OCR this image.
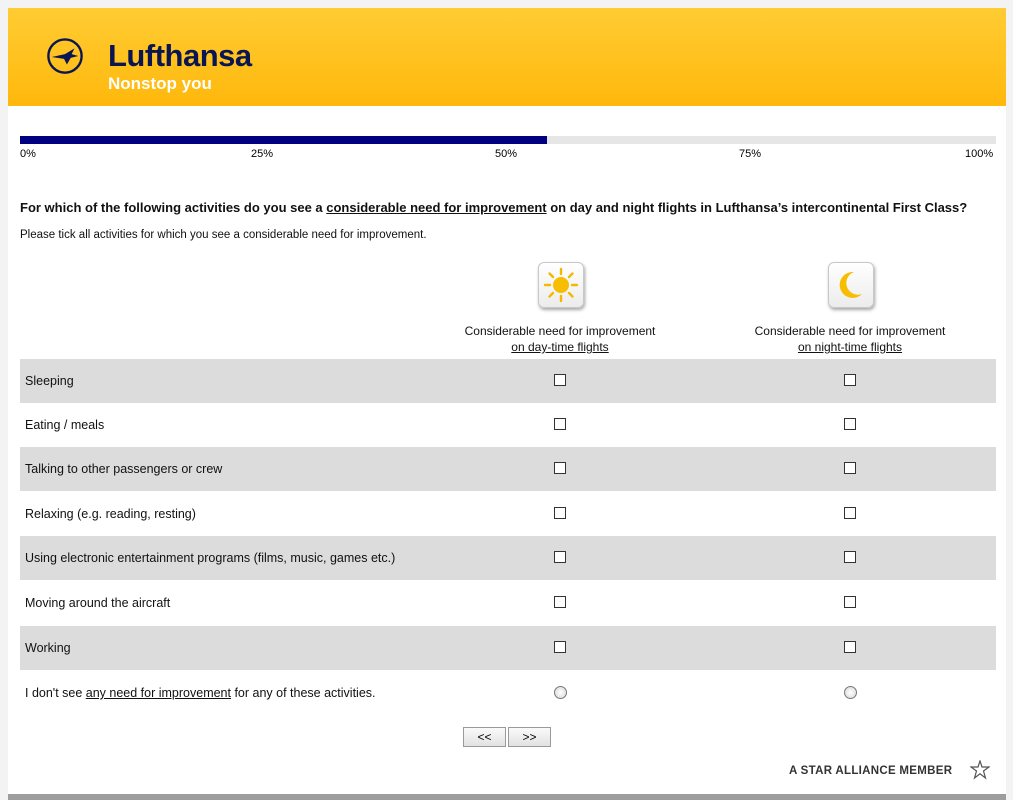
Lufthansa
Nonstop you
0%	25%	50%	75%	100%
For which of the following activities do you see a considerable need for improvement on day and night flights in Lufthansa’s intercontinental First Class?
Please tick all activities for which you see a considerable need for improvement.
Considerable need for improvement
on day-time flights
Considerable need for improvement
on night-time flights
Sleeping
Eating / meals
Talking to other passengers or crew
Relaxing (e.g. reading, resting)
Using electronic entertainment programs (films, music, games etc.)
Moving around the aircraft
Working
I don't see any need for improvement for any of these activities.
<<	>>
A STAR ALLIANCE MEMBER
